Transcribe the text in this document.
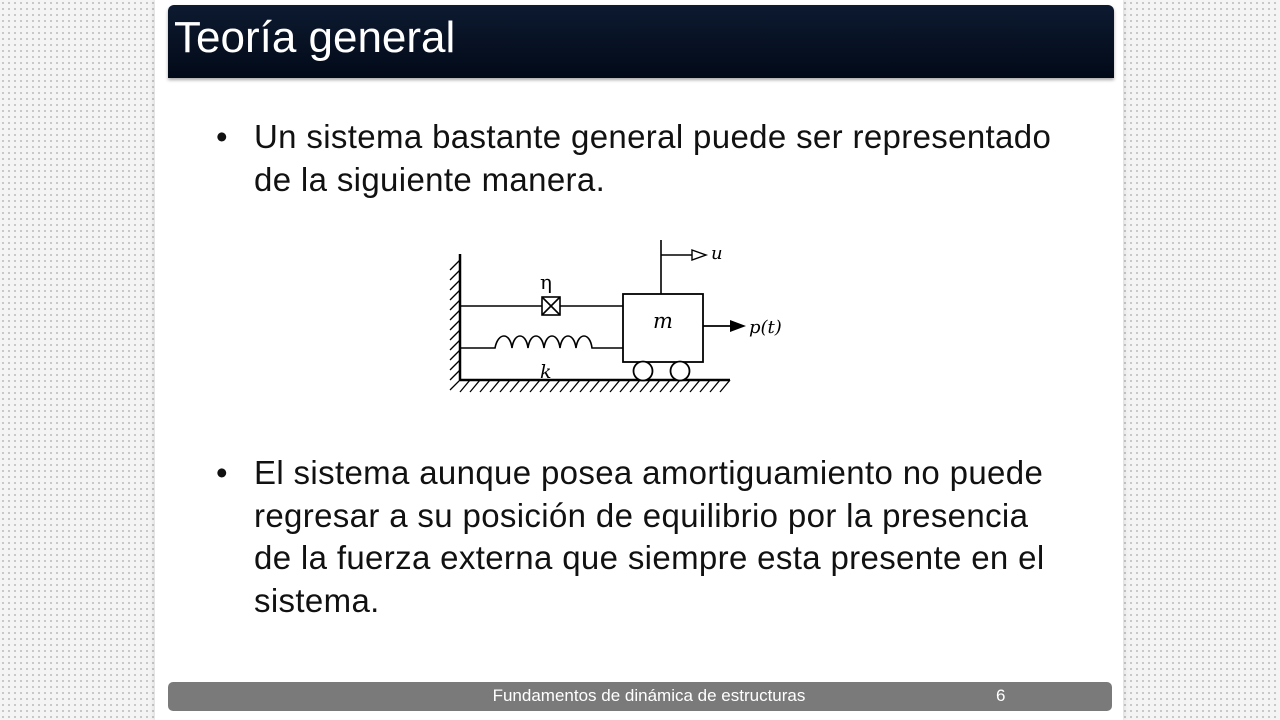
Teoría general
• Un sistema bastante general puede ser representado de la siguiente manera.
η
k
m
u
p(t)
• El sistema aunque posea amortiguamiento no puede regresar a su posición de equilibrio por la presencia de la fuerza externa que siempre esta presente en el sistema.
Fundamentos de dinámica de estructuras	6
